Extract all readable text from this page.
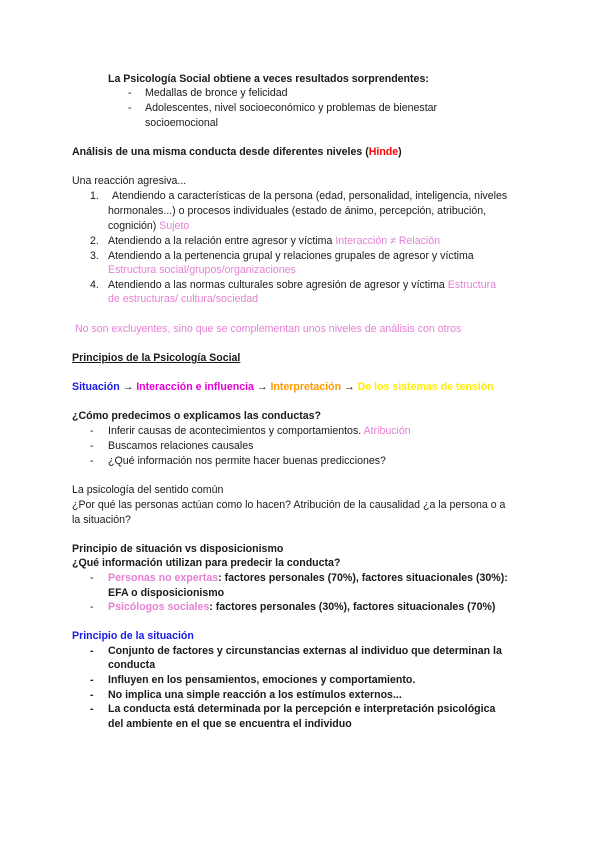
La Psicología Social obtiene a veces resultados sorprendentes:
- Medallas de bronce y felicidad
- Adolescentes, nivel socioeconómico y problemas de bienestar
socioemocional
Análisis de una misma conducta desde diferentes niveles (Hinde)
Una reacción agresiva...
1. Atendiendo a características de la persona (edad, personalidad, inteligencia, niveles
hormonales...) o procesos individuales (estado de ánimo, percepción, atribución,
cognición) Sujeto
2. Atendiendo a la relación entre agresor y víctima Interacción ≠ Relación
3. Atendiendo a la pertenencia grupal y relaciones grupales de agresor y víctima
Estructura social/grupos/organizaciones
4. Atendiendo a las normas culturales sobre agresión de agresor y víctima Estructura
de estructuras/ cultura/sociedad
No son excluyentes, sino que se complementan unos niveles de análisis con otros
Principios de la Psicología Social
Situación → Interacción e influencia → Interpretación → De los sistemas de tensión
¿Cómo predecimos o explicamos las conductas?
- Inferir causas de acontecimientos y comportamientos. Atribución
- Buscamos relaciones causales
- ¿Qué información nos permite hacer buenas predicciones?
La psicología del sentido común
¿Por qué las personas actúan como lo hacen? Atribución de la causalidad ¿a la persona o a
la situación?
Principio de situación vs disposicionismo
¿Qué información utilizan para predecir la conducta?
- Personas no expertas: factores personales (70%), factores situacionales (30%):
EFA o disposicionismo
- Psicólogos sociales: factores personales (30%), factores situacionales (70%)
Principio de la situación
- Conjunto de factores y circunstancias externas al individuo que determinan la
conducta
- Influyen en los pensamientos, emociones y comportamiento.
- No implica una simple reacción a los estímulos externos...
- La conducta está determinada por la percepción e interpretación psicológica
del ambiente en el que se encuentra el individuo
